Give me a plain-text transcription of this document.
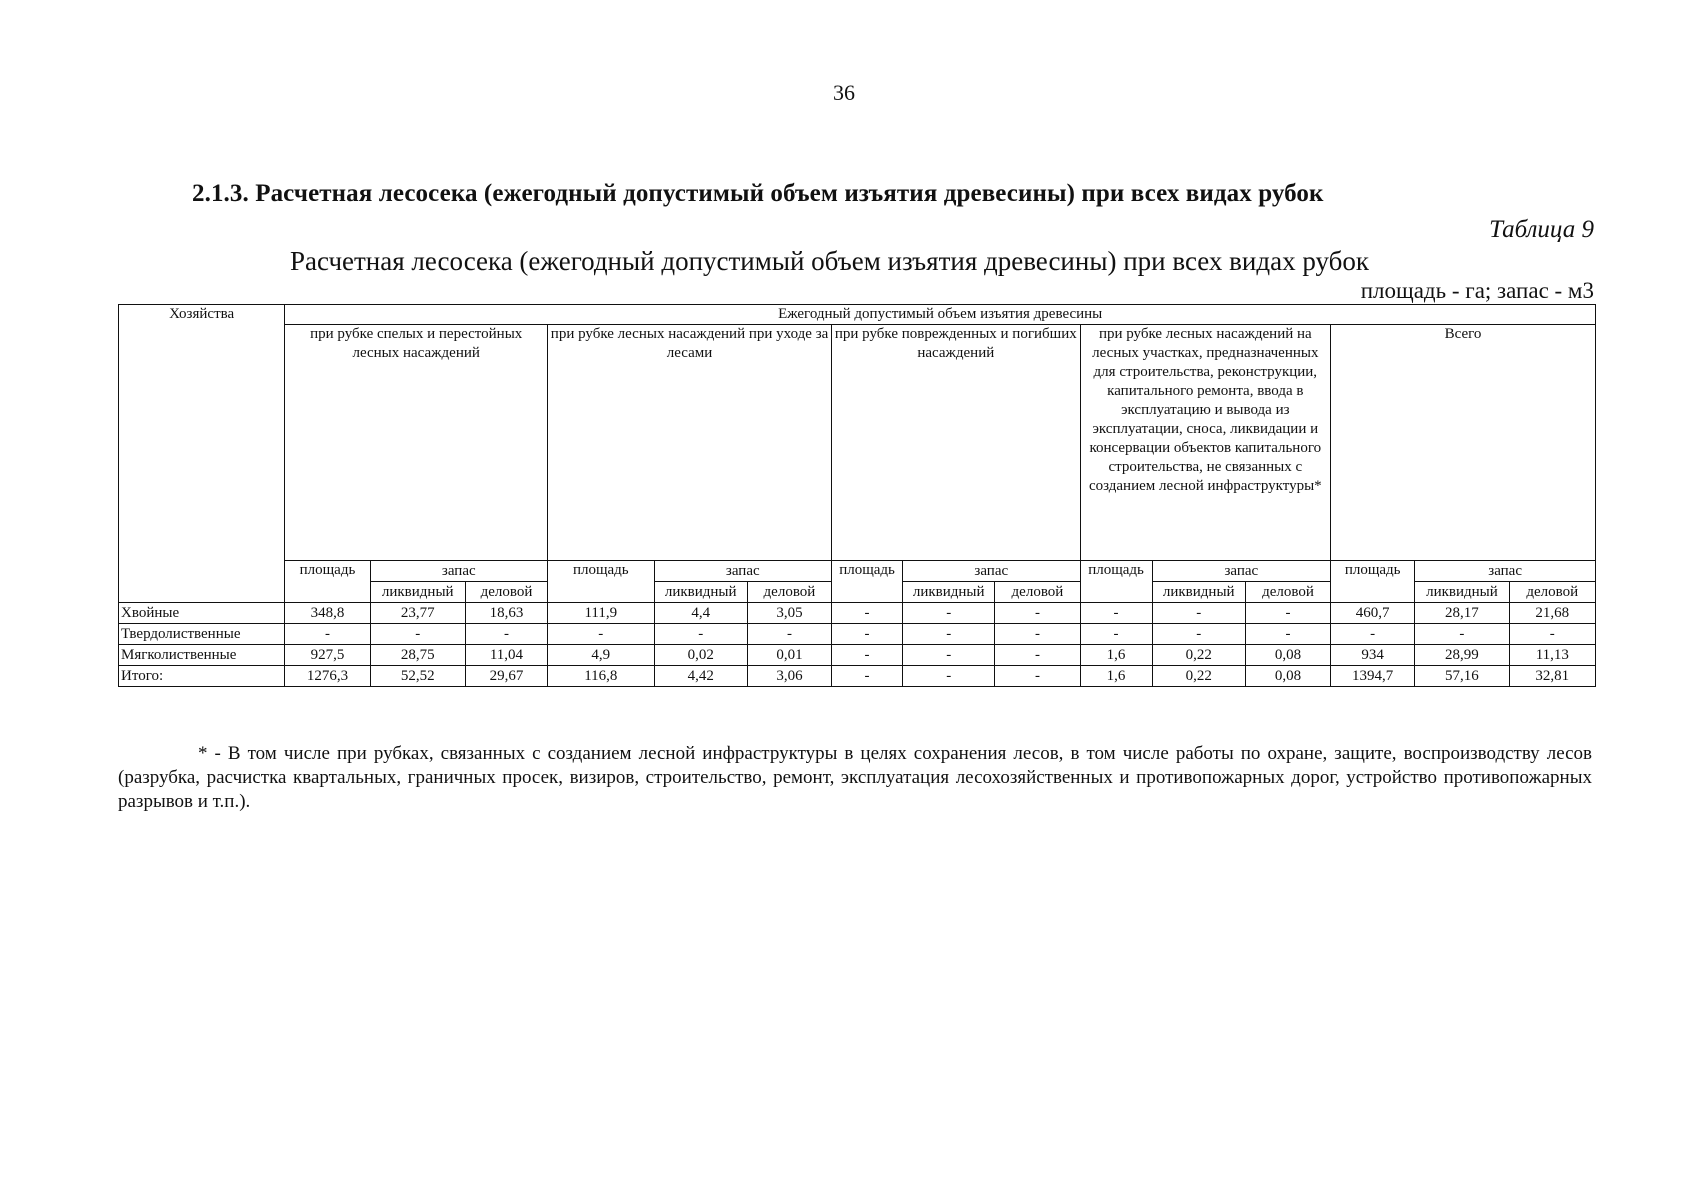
36
2.1.3. Расчетная лесосека (ежегодный допустимый объем изъятия древесины) при всех видах рубок
Таблица 9
Расчетная лесосека (ежегодный допустимый объем изъятия древесины) при всех видах рубок
площадь - га; запас - м3
Хозяйства	Ежегодный допустимый объем изъятия древесины														
	при рубке спелых и перестойных лесных насаждений			при рубке лесных насаждений при уходе за лесами			при рубке поврежденных и погибших насаждений			при рубке лесных насаждений на лесных участках, предназначенных для строительства, реконструкции, капитального ремонта, ввода в эксплуатацию и вывода из эксплуатации, сноса, ликвидации и консервации объектов капитального строительства, не связанных с созданием лесной инфраструктуры*			Всего		
	площадь	запас		площадь	запас		площадь	запас		площадь	запас		площадь	запас	
		ликвидный	деловой		ликвидный	деловой		ликвидный	деловой		ликвидный	деловой		ликвидный	деловой
Хвойные	348,8	23,77	18,63	111,9	4,4	3,05	-	-	-	-	-	-	460,7	28,17	21,68
Твердолиственные	-	-	-	-	-	-	-	-	-	-	-	-	-	-	-
Мягколиственные	927,5	28,75	11,04	4,9	0,02	0,01	-	-	-	1,6	0,22	0,08	934	28,99	11,13
Итого:	1276,3	52,52	29,67	116,8	4,42	3,06	-	-	-	1,6	0,22	0,08	1394,7	57,16	32,81
* - В том числе при рубках, связанных с созданием лесной инфраструктуры в целях сохранения лесов, в том числе работы по охране, защите, воспроизводству лесов (разрубка, расчистка квартальных, граничных просек, визиров, строительство, ремонт, эксплуатация лесохозяйственных и противопожарных дорог, устройство противопожарных разрывов и т.п.).
